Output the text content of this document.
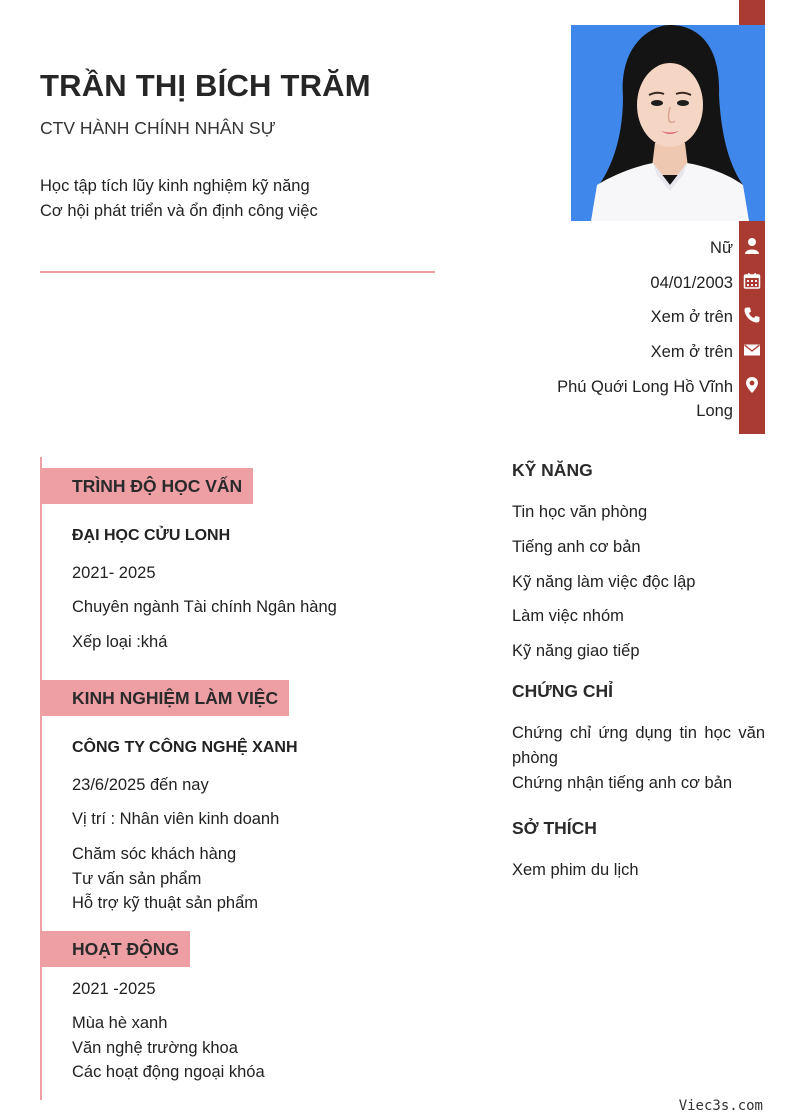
TRẦN THỊ BÍCH TRĂM
CTV HÀNH CHÍNH NHÂN SỰ
Học tập tích lũy kinh nghiệm kỹ năng
Cơ hội phát triển và ổn định công việc
Nữ
04/01/2003
Xem ở trên
Xem ở trên
Phú Quới Long Hồ Vĩnh
Long
TRÌNH ĐỘ HỌC VẤN
ĐẠI HỌC CỬU LONH
2021- 2025
Chuyên ngành Tài chính Ngân hàng
Xếp loại :khá
KINH NGHIỆM LÀM VIỆC
CÔNG TY CÔNG NGHỆ XANH
23/6/2025 đến nay
Vị trí : Nhân viên kinh doanh
Chăm sóc khách hàng
Tư vấn sản phẩm
Hỗ trợ kỹ thuật sản phẩm
HOẠT ĐỘNG
2021 -2025
Mùa hè xanh
Văn nghệ trường khoa
Các hoạt động ngoại khóa
KỸ NĂNG
Tin học văn phòng
Tiếng anh cơ bản
Kỹ năng làm việc độc lập
Làm việc nhóm
Kỹ năng giao tiếp
CHỨNG CHỈ
Chứng chỉ ứng dụng tin học văn phòng
Chứng nhận tiếng anh cơ bản
SỞ THÍCH
Xem phim du lịch
Viec3s.com
